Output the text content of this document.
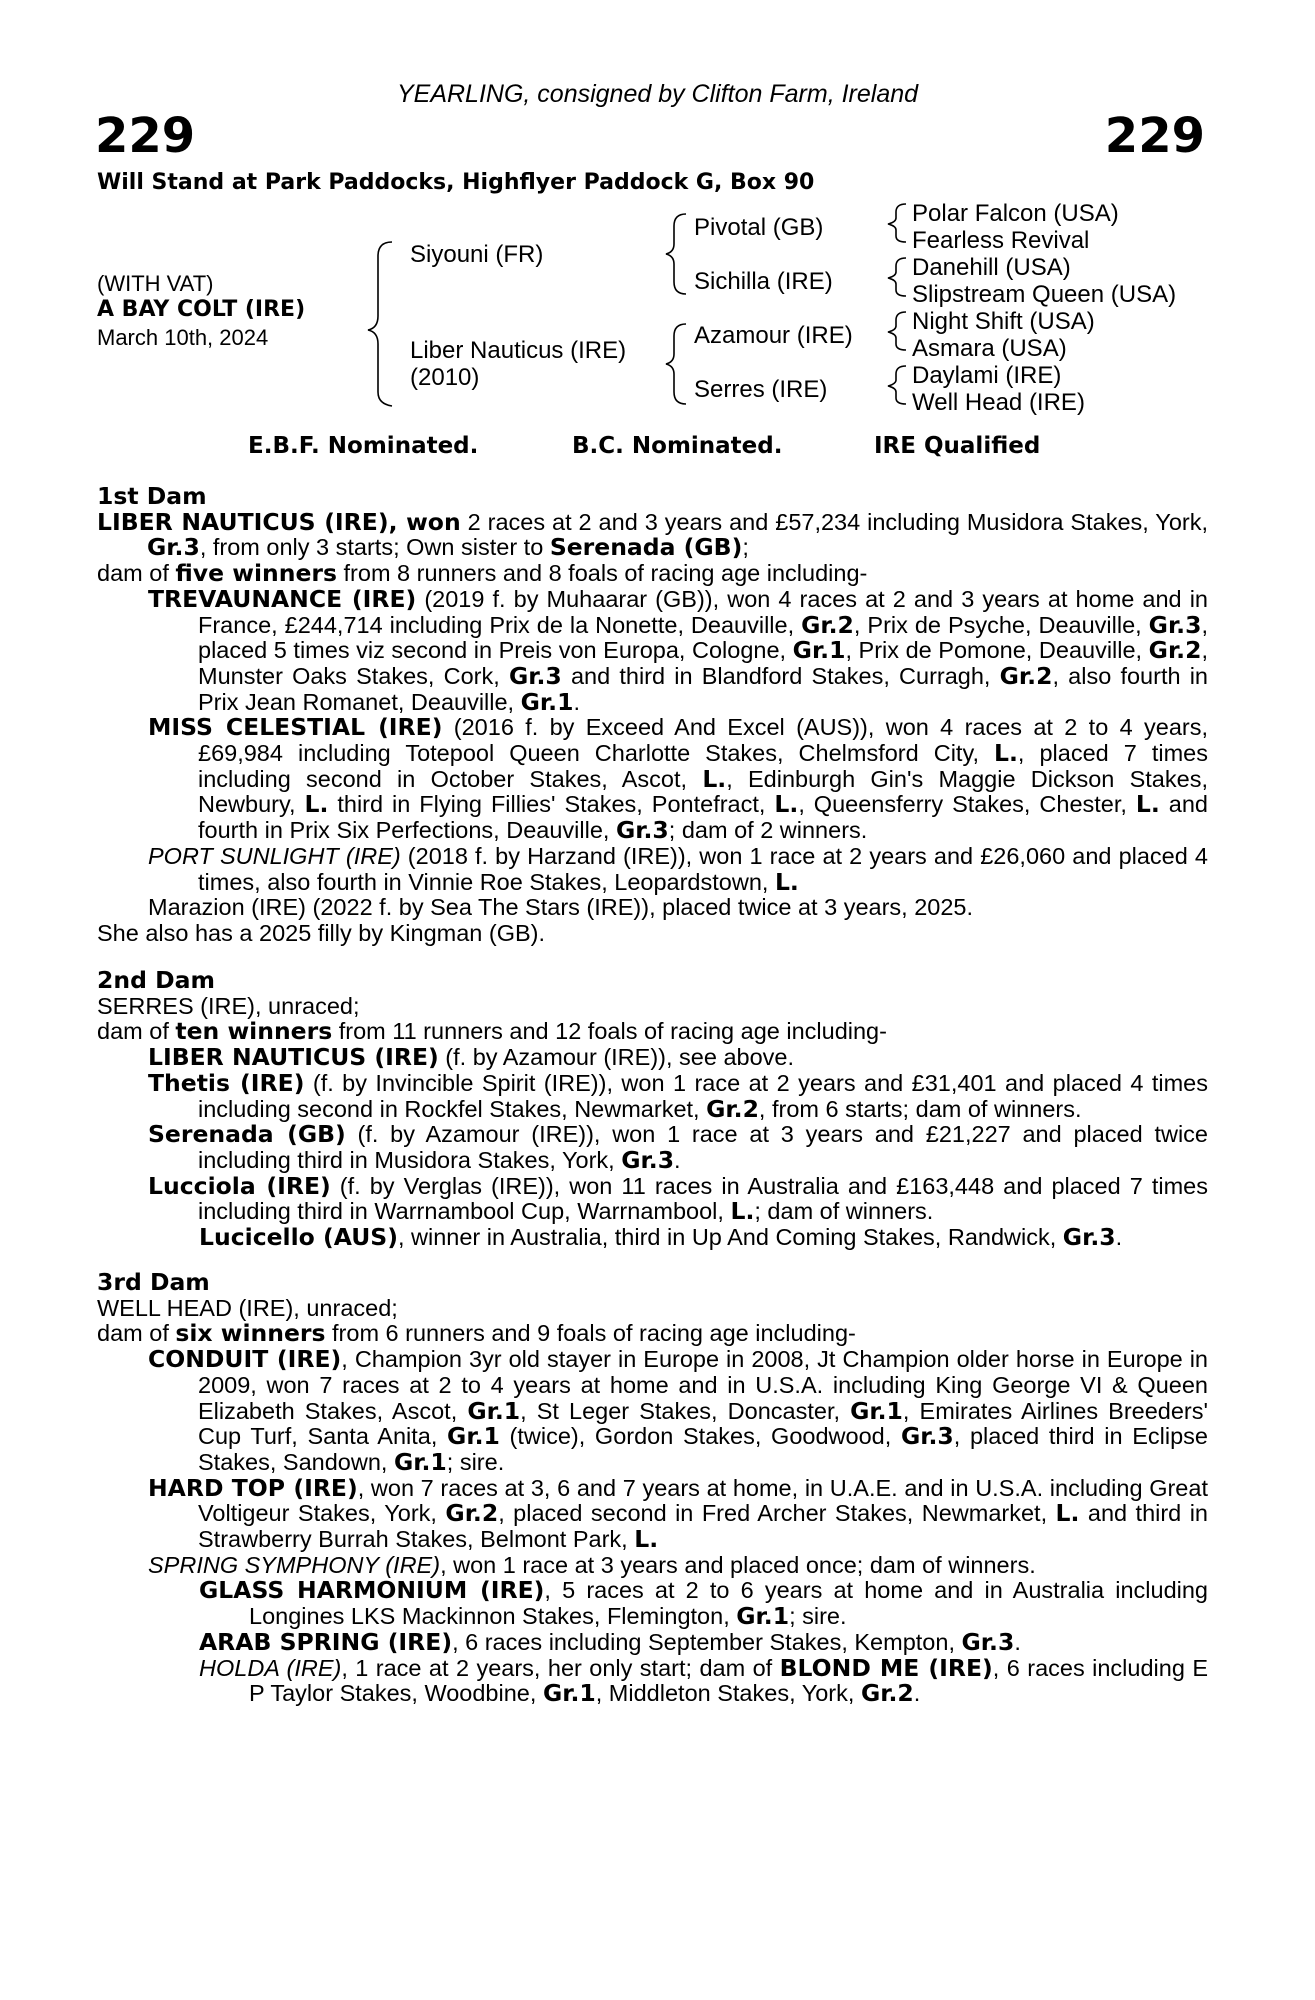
YEARLING, consigned by Clifton Farm, Ireland
229	229
Will Stand at Park Paddocks, Highflyer Paddock G, Box 90
(WITH VAT)
A BAY COLT (IRE)
March 10th, 2024
Siyouni (FR)
Liber Nauticus (IRE)
(2010)
Pivotal (GB)
Sichilla (IRE)
Azamour (IRE)
Serres (IRE)
Polar Falcon (USA)
Fearless Revival
Danehill (USA)
Slipstream Queen (USA)
Night Shift (USA)
Asmara (USA)
Daylami (IRE)
Well Head (IRE)
E.B.F. Nominated.	B.C. Nominated.	IRE Qualified

1st Dam

LIBER NAUTICUS (IRE), won 2 races at 2 and 3 years and £57,234 including Musidora Stakes, York, Gr.3, from only 3 starts; Own sister to Serenada (GB);

dam of five winners from 8 runners and 8 foals of racing age including-

TREVAUNANCE (IRE) (2019 f. by Muhaarar (GB)), won 4 races at 2 and 3 years at home and in France, £244,714 including Prix de la Nonette, Deauville, Gr.2, Prix de Psyche, Deauville, Gr.3, placed 5 times viz second in Preis von Europa, Cologne, Gr.1, Prix de Pomone, Deauville, Gr.2, Munster Oaks Stakes, Cork, Gr.3 and third in Blandford Stakes, Curragh, Gr.2, also fourth in Prix Jean Romanet, Deauville, Gr.1.

MISS CELESTIAL (IRE) (2016 f. by Exceed And Excel (AUS)), won 4 races at 2 to 4 years, £69,984 including Totepool Queen Charlotte Stakes, Chelmsford City, L., placed 7 times including second in October Stakes, Ascot, L., Edinburgh Gin's Maggie Dickson Stakes, Newbury, L. third in Flying Fillies' Stakes, Pontefract, L., Queensferry Stakes, Chester, L. and fourth in Prix Six Perfections, Deauville, Gr.3; dam of 2 winners.

PORT SUNLIGHT (IRE) (2018 f. by Harzand (IRE)), won 1 race at 2 years and £26,060 and placed 4 times, also fourth in Vinnie Roe Stakes, Leopardstown, L.

Marazion (IRE) (2022 f. by Sea The Stars (IRE)), placed twice at 3 years, 2025.

She also has a 2025 filly by Kingman (GB).

2nd Dam

SERRES (IRE), unraced;

dam of ten winners from 11 runners and 12 foals of racing age including-

LIBER NAUTICUS (IRE) (f. by Azamour (IRE)), see above.

Thetis (IRE) (f. by Invincible Spirit (IRE)), won 1 race at 2 years and £31,401 and placed 4 times including second in Rockfel Stakes, Newmarket, Gr.2, from 6 starts; dam of winners.

Serenada (GB) (f. by Azamour (IRE)), won 1 race at 3 years and £21,227 and placed twice including third in Musidora Stakes, York, Gr.3.

Lucciola (IRE) (f. by Verglas (IRE)), won 11 races in Australia and £163,448 and placed 7 times including third in Warrnambool Cup, Warrnambool, L.; dam of winners.

Lucicello (AUS), winner in Australia, third in Up And Coming Stakes, Randwick, Gr.3.

3rd Dam

WELL HEAD (IRE), unraced;

dam of six winners from 6 runners and 9 foals of racing age including-

CONDUIT (IRE), Champion 3yr old stayer in Europe in 2008, Jt Champion older horse in Europe in 2009, won 7 races at 2 to 4 years at home and in U.S.A. including King George VI & Queen Elizabeth Stakes, Ascot, Gr.1, St Leger Stakes, Doncaster, Gr.1, Emirates Airlines Breeders' Cup Turf, Santa Anita, Gr.1 (twice), Gordon Stakes, Goodwood, Gr.3, placed third in Eclipse Stakes, Sandown, Gr.1; sire.

HARD TOP (IRE), won 7 races at 3, 6 and 7 years at home, in U.A.E. and in U.S.A. including Great Voltigeur Stakes, York, Gr.2, placed second in Fred Archer Stakes, Newmarket, L. and third in Strawberry Burrah Stakes, Belmont Park, L.

SPRING SYMPHONY (IRE), won 1 race at 3 years and placed once; dam of winners.

GLASS HARMONIUM (IRE), 5 races at 2 to 6 years at home and in Australia including Longines LKS Mackinnon Stakes, Flemington, Gr.1; sire.

ARAB SPRING (IRE), 6 races including September Stakes, Kempton, Gr.3.

HOLDA (IRE), 1 race at 2 years, her only start; dam of BLOND ME (IRE), 6 races including E P Taylor Stakes, Woodbine, Gr.1, Middleton Stakes, York, Gr.2.
